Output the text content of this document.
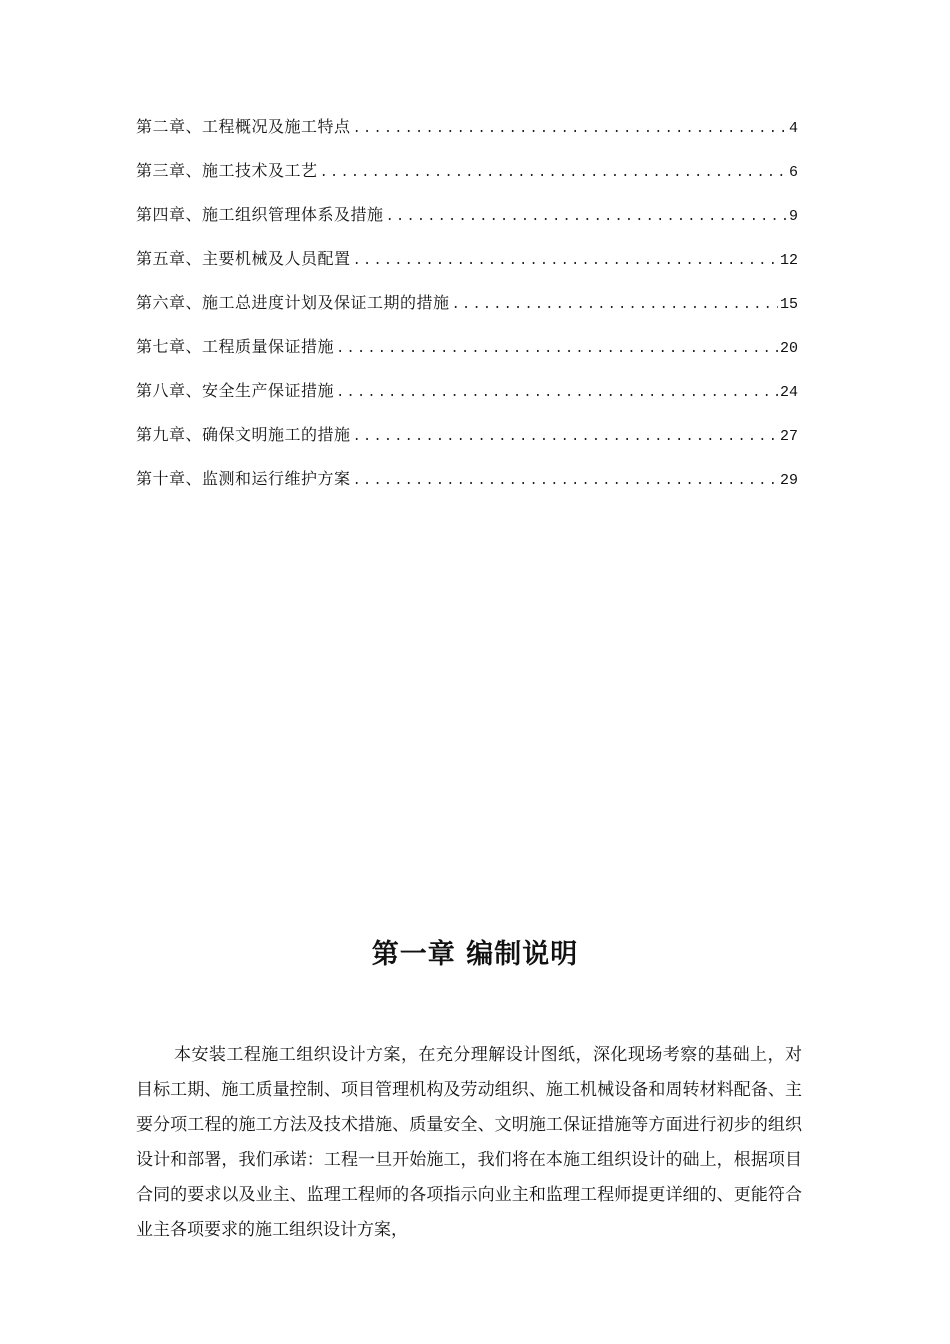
第二章、工程概况及施工特点 .....	4
第三章、施工技术及工艺 .....	6
第四章、施工组织管理体系及措施 .....	9
第五章、主要机械及人员配置 .....	12
第六章、施工总进度计划及保证工期的措施 .....	15
第七章、工程质量保证措施 .....	20
第八章、安全生产保证措施 .....	24
第九章、确保文明施工的措施 .....	27
第十章、监测和运行维护方案 .....	29
第一章 编制说明

本安装工程施工组织设计方案，在充分理解设计图纸，深化现场考察的基础上，对目标工期、施工质量控制、项目管理机构及劳动组织、施工机械设备和周转材料配备、主要分项工程的施工方法及技术措施、质量安全、文明施工保证措施等方面进行初步的组织设计和部署，我们承诺：工程一旦开始施工，我们将在本施工组织设计的础上，根据项目合同的要求以及业主、监理工程师的各项指示向业主和监理工程师提更详细的、更能符合业主各项要求的施工组织设计方案，
